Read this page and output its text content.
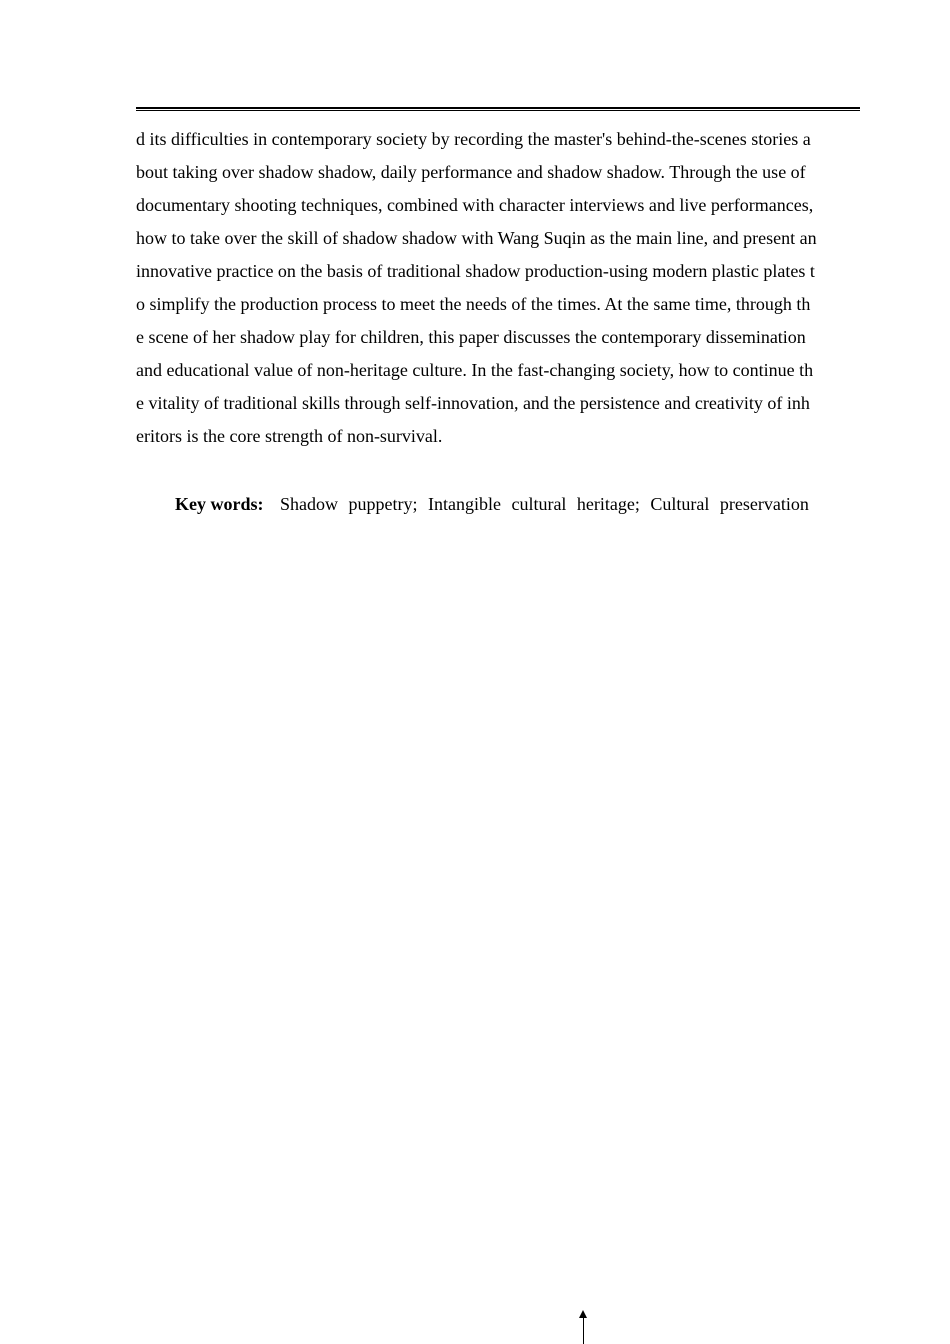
d its difficulties in contemporary society by recording the master's behind-the-scenes stories a
bout taking over shadow shadow, daily performance and shadow shadow. Through the use of
documentary shooting techniques, combined with character interviews and live performances,
how to take over the skill of shadow shadow with Wang Suqin as the main line, and present an
innovative practice on the basis of traditional shadow production-using modern plastic plates t
o simplify the production process to meet the needs of the times. At the same time, through th
e scene of her shadow play for children, this paper discusses the contemporary dissemination
and educational value of non-heritage culture. In the fast-changing society, how to continue th
e vitality of traditional skills through self-innovation, and the persistence and creativity of inh
eritors is the core strength of non-survival.
Key words: Shadow puppetry; Intangible cultural heritage; Cultural preservation
